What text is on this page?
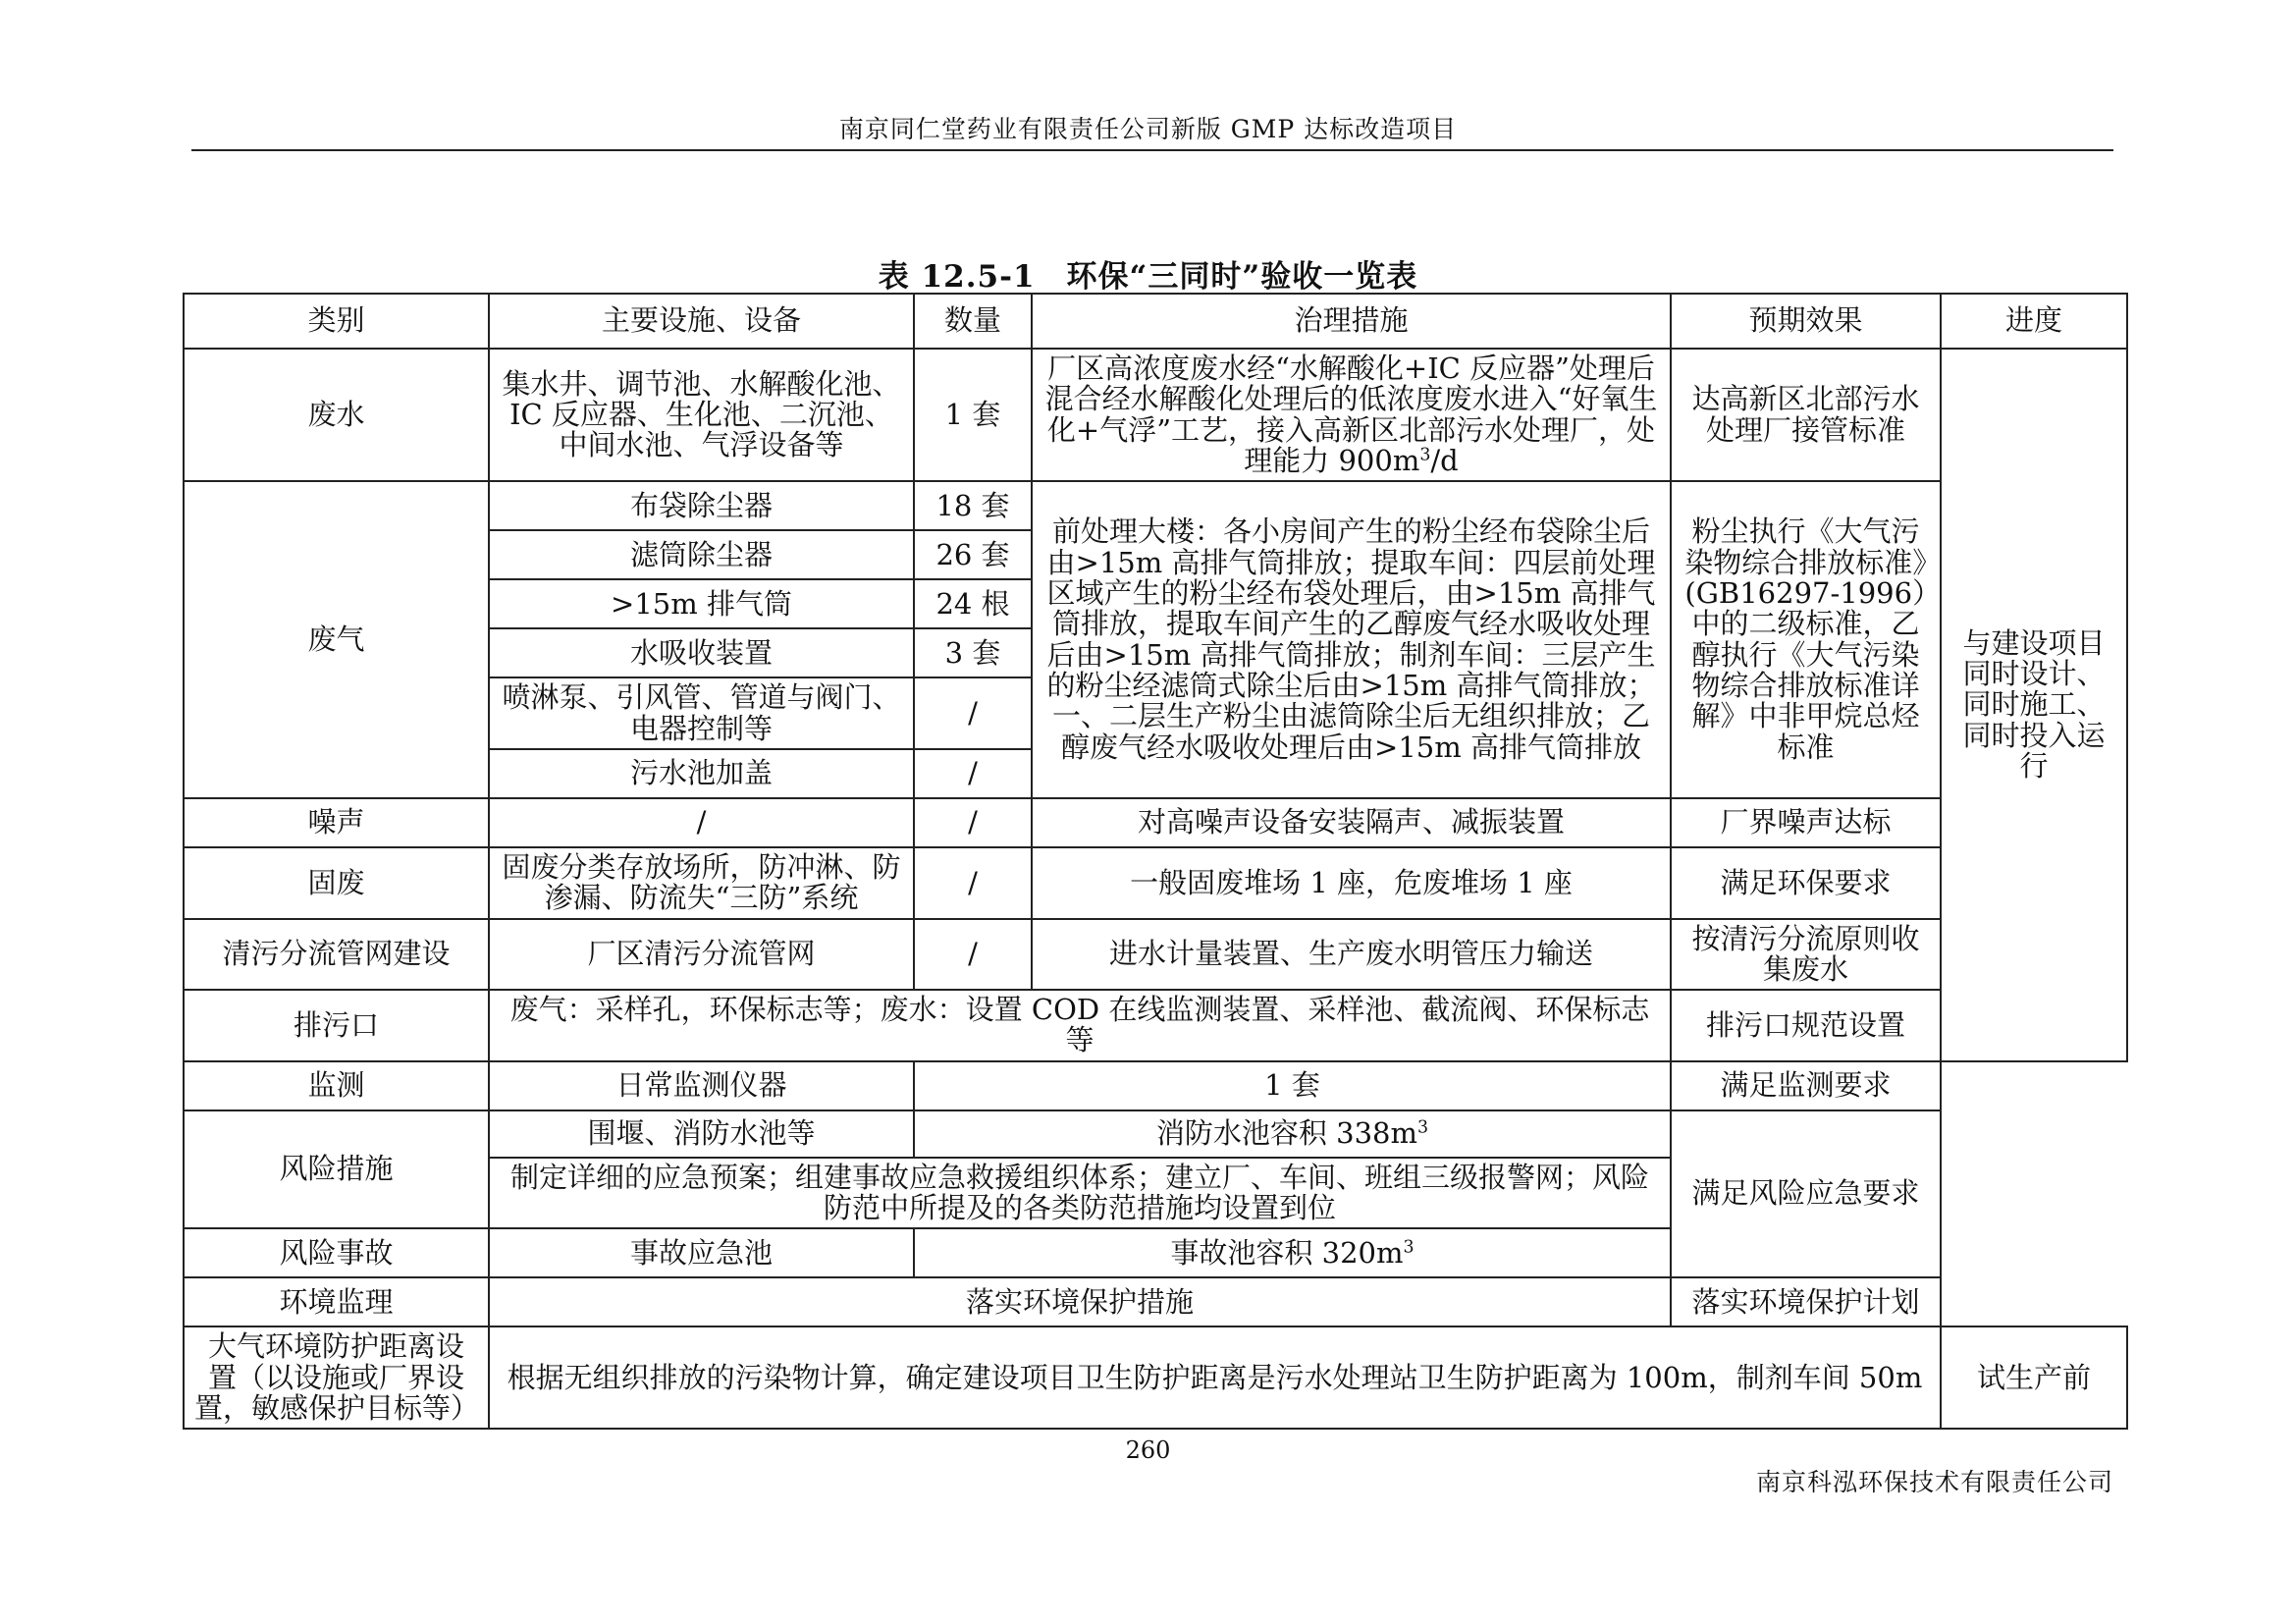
南京同仁堂药业有限责任公司新版 GMP 达标改造项目
表 12.5-1　环保“三同时”验收一览表
类别	主要设施、设备	数量	治理措施	预期效果	进度
废水	集水井、调节池、水解酸化池、IC 反应器、生化池、二沉池、中间水池、气浮设备等	1 套	厂区高浓度废水经“水解酸化+IC 反应器”处理后混合经水解酸化处理后的低浓度废水进入“好氧生化+气浮”工艺，接入高新区北部污水处理厂，处理能力 $900m^3/d$	达高新区北部污水处理厂接管标准	与建设项目同时设计、同时施工、同时投入运行
废气	布袋除尘器	18 套	前处理大楼：各小房间产生的粉尘经布袋除尘后由>15m 高排气筒排放；提取车间：四层前处理区域产生的粉尘经布袋处理后，由>15m 高排气筒排放，提取车间产生的乙醇废气经水吸收处理后由>15m 高排气筒排放；制剂车间：三层产生的粉尘经滤筒式除尘后由>15m 高排气筒排放；一、二层生产粉尘由滤筒除尘后无组织排放；乙醇废气经水吸收处理后由>15m 高排气筒排放	粉尘执行《大气污染物综合排放标准》(GB16297-1996）中的二级标准，乙醇执行《大气污染物综合排放标准详解》中非甲烷总烃标准	
	滤筒除尘器	26 套			
	>15m 排气筒	24 根			
	水吸收装置	3 套			
	喷淋泵、引风管、管道与阀门、电器控制等	/			
	污水池加盖	/			
噪声	/	/	对高噪声设备安装隔声、减振装置	厂界噪声达标	
固废	固废分类存放场所，防冲淋、防渗漏、防流失“三防”系统	/	一般固废堆场 1 座，危废堆场 1 座	满足环保要求	
清污分流管网建设	厂区清污分流管网	/	进水计量装置、生产废水明管压力输送	按清污分流原则收集废水	
排污口	废气：采样孔，环保标志等；废水：设置 COD 在线监测装置、采样池、截流阀、环保标志等			排污口规范设置	
监测	日常监测仪器	1 套		满足监测要求	
风险措施	围堰、消防水池等	消防水池容积 $338m^3$		满足风险应急要求	
	制定详细的应急预案；组建事故应急救援组织体系；建立厂、车间、班组三级报警网；风险防范中所提及的各类防范措施均设置到位				
风险事故	事故应急池	事故池容积 $320m^3$
环境监理	落实环境保护措施			落实环境保护计划	
大气环境防护距离设置（以设施或厂界设置，敏感保护目标等）	根据无组织排放的污染物计算，确定建设项目卫生防护距离是污水处理站卫生防护距离为 100m，制剂车间 50m				试生产前
260
南京科泓环保技术有限责任公司
